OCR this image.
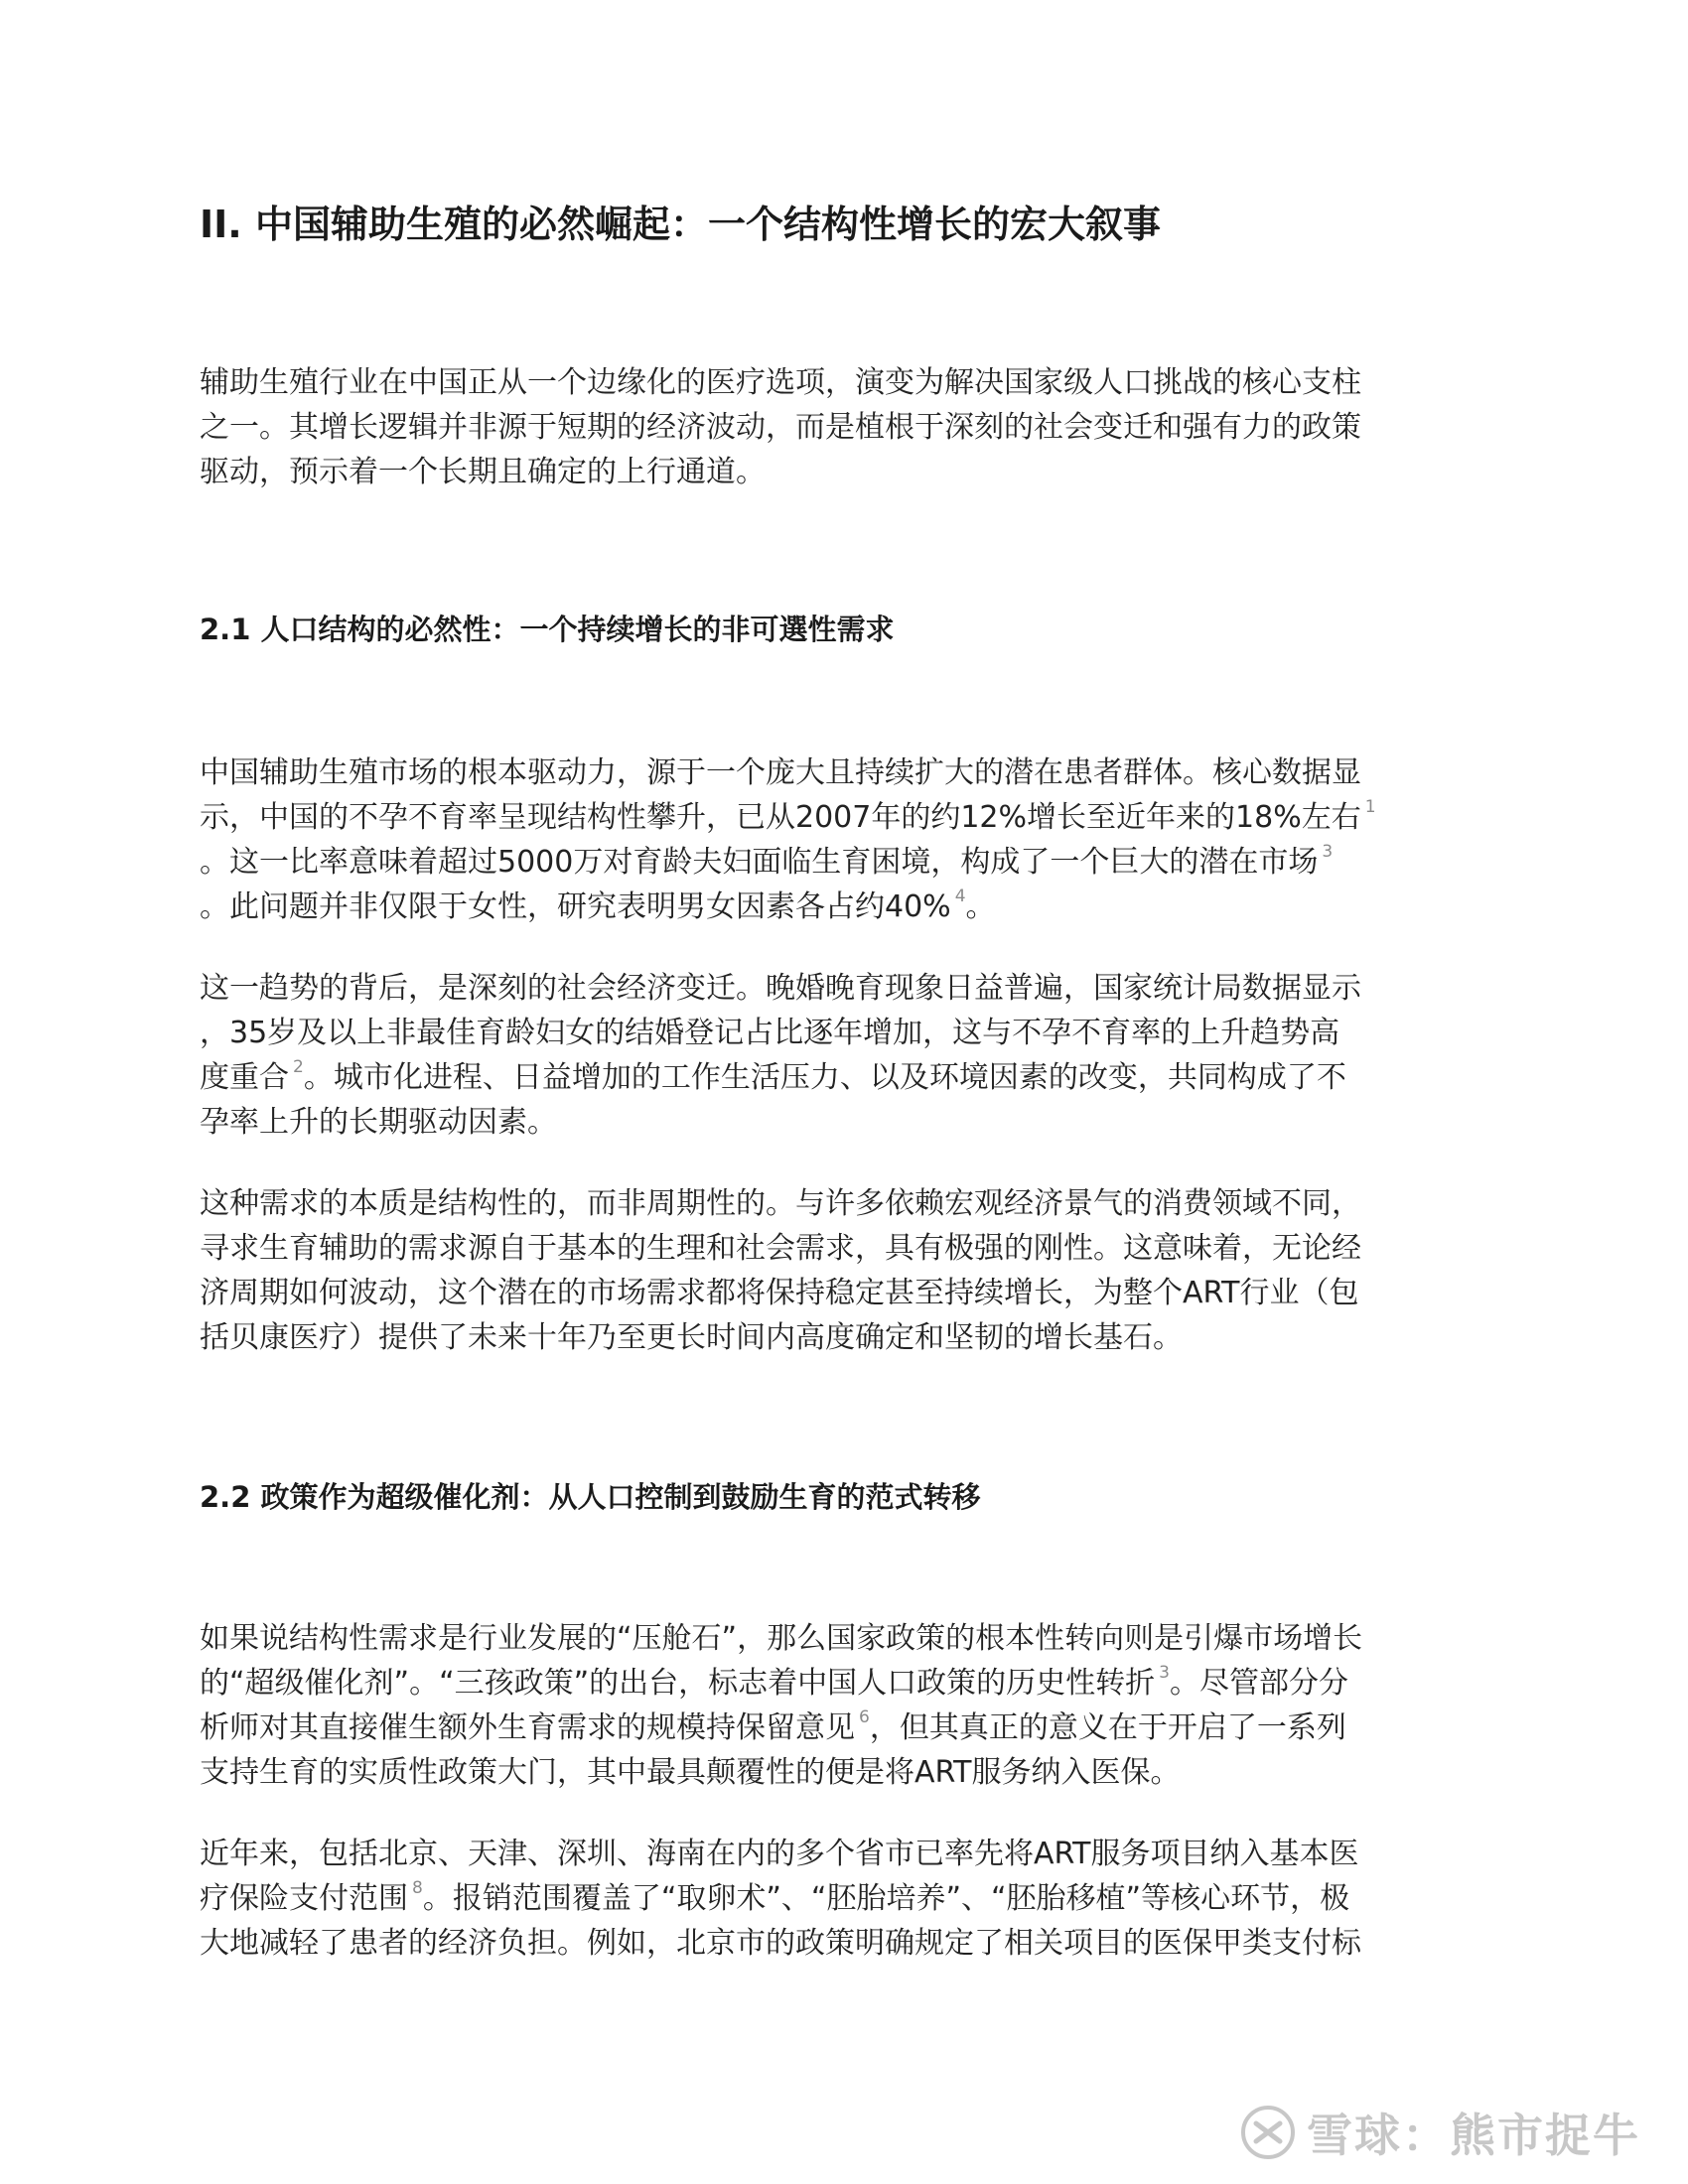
II. 中国辅助生殖的必然崛起：一个结构性增长的宏大叙事
辅助生殖行业在中国正从一个边缘化的医疗选项，演变为解决国家级人口挑战的核心支柱
之一。其增长逻辑并非源于短期的经济波动，而是植根于深刻的社会变迁和强有力的政策
驱动，预示着一个长期且确定的上行通道。
2.1 人口结构的必然性：一个持续增长的非可選性需求
中国辅助生殖市场的根本驱动力，源于一个庞大且持续扩大的潜在患者群体。核心数据显
示，中国的不孕不育率呈现结构性攀升，已从2007年的约12%增长至近年来的18%左右 $^1$
。这一比率意味着超过5000万对育龄夫妇面临生育困境，构成了一个巨大的潜在市场 $^3$
。此问题并非仅限于女性，研究表明男女因素各占约40% $^4$。
这一趋势的背后，是深刻的社会经济变迁。晚婚晚育现象日益普遍，国家统计局数据显示
，35岁及以上非最佳育龄妇女的结婚登记占比逐年增加，这与不孕不育率的上升趋势高
度重合 $^2$。城市化进程、日益增加的工作生活压力、以及环境因素的改变，共同构成了不
孕率上升的长期驱动因素。
这种需求的本质是结构性的，而非周期性的。与许多依赖宏观经济景气的消费领域不同，
寻求生育辅助的需求源自于基本的生理和社会需求，具有极强的刚性。这意味着，无论经
济周期如何波动，这个潜在的市场需求都将保持稳定甚至持续增长，为整个ART行业（包
括贝康医疗）提供了未来十年乃至更长时间内高度确定和坚韧的增长基石。
2.2 政策作为超级催化剂：从人口控制到鼓励生育的范式转移
如果说结构性需求是行业发展的“压舱石”，那么国家政策的根本性转向则是引爆市场增长
的“超级催化剂”。“三孩政策”的出台，标志着中国人口政策的历史性转折 $^3$。尽管部分分
析师对其直接催生额外生育需求的规模持保留意见 $^6$，但其真正的意义在于开启了一系列
支持生育的实质性政策大门，其中最具颠覆性的便是将ART服务纳入医保。
近年来，包括北京、天津、深圳、海南在内的多个省市已率先将ART服务项目纳入基本医
疗保险支付范围 $^8$。报销范围覆盖了“取卵术”、“胚胎培养”、“胚胎移植”等核心环节，极
大地减轻了患者的经济负担。例如，北京市的政策明确规定了相关项目的医保甲类支付标
雪球：熊市捉牛
